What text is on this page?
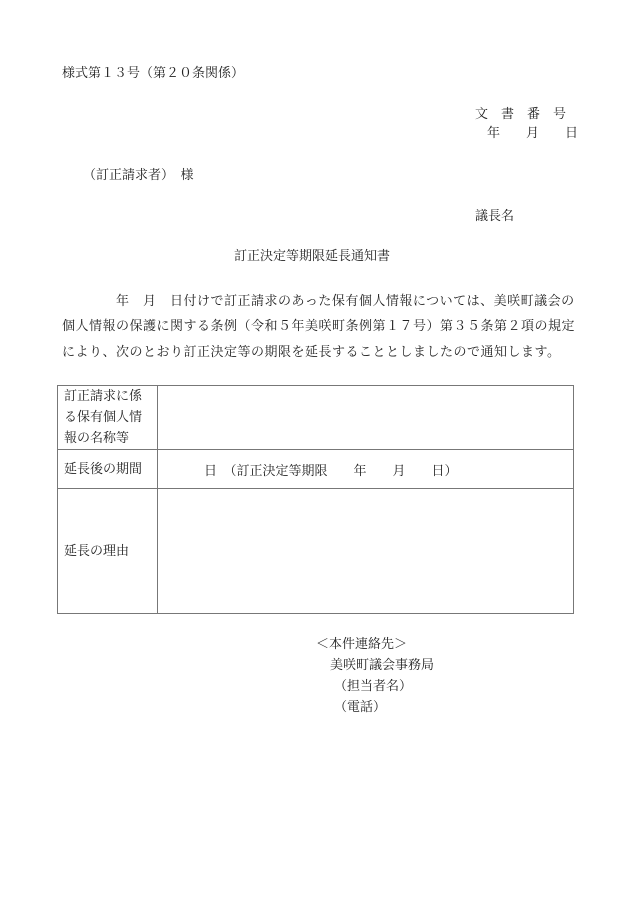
様式第１３号（第２０条関係）
文　書　番　号
年　　月　　日
（訂正請求者）　様
議長名
訂正決定等期限延長通知書
　　　　年　月　日付けで訂正請求のあった保有個人情報については、美咲町議会の
個人情報の保護に関する条例（令和５年美咲町条例第１７号）第３５条第２項の規定
により、次のとおり訂正決定等の期限を延長することとしましたので通知します。
訂正請求に係
る保有個人情
報の名称等	

延長後の期間	日　（訂正決定等期限　　年　　月　　日）
延長の理由	
＜本件連絡先＞
美咲町議会事務局
（担当者名）
（電話）
